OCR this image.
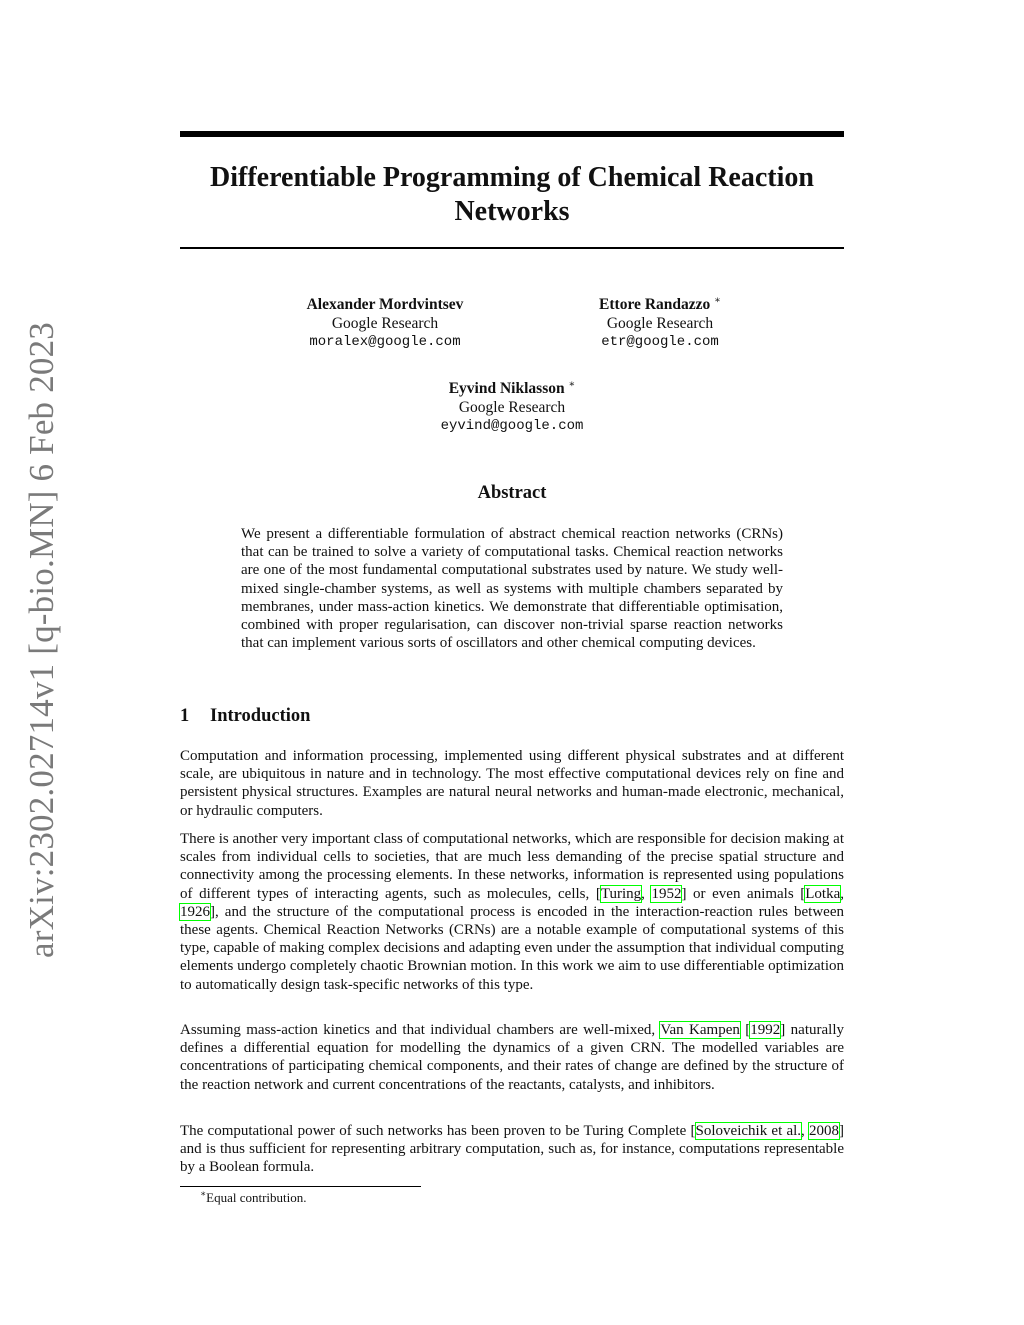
arXiv:2302.02714v1 [q-bio.MN] 6 Feb 2023
Differentiable Programming of Chemical Reaction Networks
Alexander Mordvintsev
Google Research
moralex@google.com
Ettore Randazzo ∗
Google Research
etr@google.com
Eyvind Niklasson ∗
Google Research
eyvind@google.com
Abstract
We present a differentiable formulation of abstract chemical reaction networks (CRNs) that can be trained to solve a variety of computational tasks. Chemical reaction networks are one of the most fundamental computational substrates used by nature. We study well-mixed single-chamber systems, as well as systems with multiple chambers separated by membranes, under mass-action kinetics. We demonstrate that differentiable optimisation, combined with proper regularisation, can discover non-trivial sparse reaction networks that can implement various sorts of oscillators and other chemical computing devices.
1 Introduction
Computation and information processing, implemented using different physical substrates and at different scale, are ubiquitous in nature and in technology. The most effective computational devices rely on fine and persistent physical structures. Examples are natural neural networks and human-made electronic, mechanical, or hydraulic computers.
There is another very important class of computational networks, which are responsible for decision making at scales from individual cells to societies, that are much less demanding of the precise spatial structure and connectivity among the processing elements. In these networks, information is represented using populations of different types of interacting agents, such as molecules, cells, [Turing, 1952] or even animals [Lotka, 1926], and the structure of the computational process is encoded in the interaction-reaction rules between these agents. Chemical Reaction Networks (CRNs) are a notable example of computational systems of this type, capable of making complex decisions and adapting even under the assumption that individual computing elements undergo completely chaotic Brownian motion. In this work we aim to use differentiable optimization to automatically design task-specific networks of this type.
Assuming mass-action kinetics and that individual chambers are well-mixed, Van Kampen [1992] naturally defines a differential equation for modelling the dynamics of a given CRN. The modelled variables are concentrations of participating chemical components, and their rates of change are defined by the structure of the reaction network and current concentrations of the reactants, catalysts, and inhibitors.
The computational power of such networks has been proven to be Turing Complete [Soloveichik et al., 2008] and is thus sufficient for representing arbitrary computation, such as, for instance, computations representable by a Boolean formula.
∗Equal contribution.
